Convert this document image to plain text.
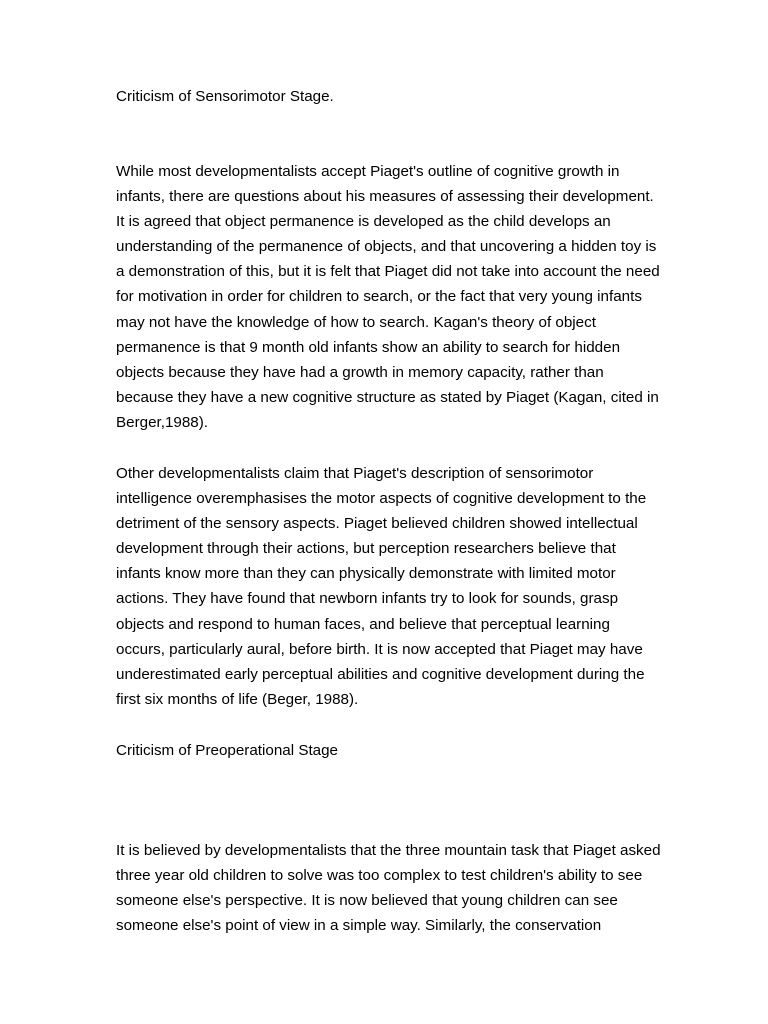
Criticism of Sensorimotor Stage.

While most developmentalists accept Piaget's outline of cognitive growth in infants, there are questions about his measures of assessing their development. It is agreed that object permanence is developed as the child develops an understanding of the permanence of objects, and that uncovering a hidden toy is a demonstration of this, but it is felt that Piaget did not take into account the need for motivation in order for children to search, or the fact that very young infants may not have the knowledge of how to search. Kagan's theory of object permanence is that 9 month old infants show an ability to search for hidden objects because they have had a growth in memory capacity, rather than because they have a new cognitive structure as stated by Piaget (Kagan, cited in Berger,1988).

Other developmentalists claim that Piaget's description of sensorimotor intelligence overemphasises the motor aspects of cognitive development to the detriment of the sensory aspects. Piaget believed children showed intellectual development through their actions, but perception researchers believe that infants know more than they can physically demonstrate with limited motor actions. They have found that newborn infants try to look for sounds, grasp objects and respond to human faces, and believe that perceptual learning occurs, particularly aural, before birth. It is now accepted that Piaget may have underestimated early perceptual abilities and cognitive development during the first six months of life (Beger, 1988).

Criticism of Preoperational Stage

It is believed by developmentalists that the three mountain task that Piaget asked three year old children to solve was too complex to test children's ability to see someone else's perspective. It is now believed that young children can see someone else's point of view in a simple way. Similarly, the conservation
